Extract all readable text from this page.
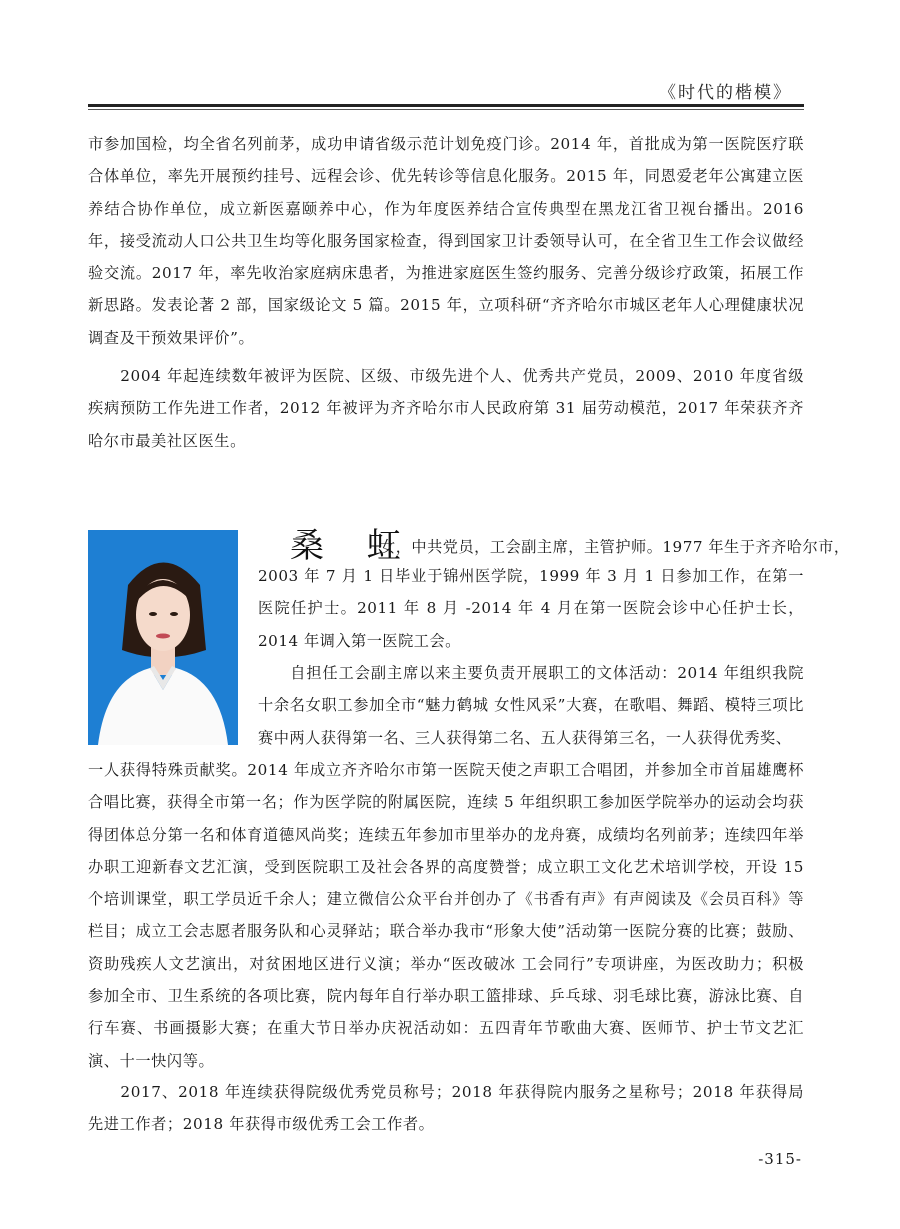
《时代的楷模》

市参加国检，均全省名列前茅，成功申请省级示范计划免疫门诊。2014 年，首批成为第一医院医疗联合体单位，率先开展预约挂号、远程会诊、优先转诊等信息化服务。2015 年，同恩爱老年公寓建立医养结合协作单位，成立新医嘉颐养中心，作为年度医养结合宣传典型在黑龙江省卫视台播出。2016 年，接受流动人口公共卫生均等化服务国家检查，得到国家卫计委领导认可，在全省卫生工作会议做经验交流。2017 年，率先收治家庭病床患者，为推进家庭医生签约服务、完善分级诊疗政策，拓展工作新思路。发表论著 2 部，国家级论文 5 篇。2015 年，立项科研“齐齐哈尔市城区老年人心理健康状况调查及干预效果评价”。

　　2004 年起连续数年被评为医院、区级、市级先进个人、优秀共产党员，2009、2010 年度省级疾病预防工作先进工作者，2012 年被评为齐齐哈尔市人民政府第 31 届劳动模范，2017 年荣获齐齐哈尔市最美社区医生。

桑 虹
女，中共党员，工会副主席，主管护师。1977 年生于齐齐哈尔市，

2003 年 7 月 1 日毕业于锦州医学院，1999 年 3 月 1 日参加工作，在第一医院任护士。2011 年 8 月 -2014 年 4 月在第一医院会诊中心任护士长，2014 年调入第一医院工会。

　　自担任工会副主席以来主要负责开展职工的文体活动：2014 年组织我院十余名女职工参加全市“魅力鹤城 女性风采”大赛，在歌唱、舞蹈、模特三项比赛中两人获得第一名、三人获得第二名、五人获得第三名，一人获得优秀奖、

一人获得特殊贡献奖。2014 年成立齐齐哈尔市第一医院天使之声职工合唱团，并参加全市首届雄鹰杯合唱比赛，获得全市第一名；作为医学院的附属医院，连续 5 年组织职工参加医学院举办的运动会均获得团体总分第一名和体育道德风尚奖；连续五年参加市里举办的龙舟赛，成绩均名列前茅；连续四年举办职工迎新春文艺汇演，受到医院职工及社会各界的高度赞誉；成立职工文化艺术培训学校，开设 15 个培训课堂，职工学员近千余人；建立微信公众平台并创办了《书香有声》有声阅读及《会员百科》等栏目；成立工会志愿者服务队和心灵驿站；联合举办我市“形象大使”活动第一医院分赛的比赛；鼓励、资助残疾人文艺演出，对贫困地区进行义演；举办“医改破冰 工会同行”专项讲座，为医改助力；积极参加全市、卫生系统的各项比赛，院内每年自行举办职工篮排球、乒乓球、羽毛球比赛，游泳比赛、自行车赛、书画摄影大赛；在重大节日举办庆祝活动如：五四青年节歌曲大赛、医师节、护士节文艺汇演、十一快闪等。

　　2017、2018 年连续获得院级优秀党员称号；2018 年获得院内服务之星称号；2018 年获得局先进工作者；2018 年获得市级优秀工会工作者。

-315-
